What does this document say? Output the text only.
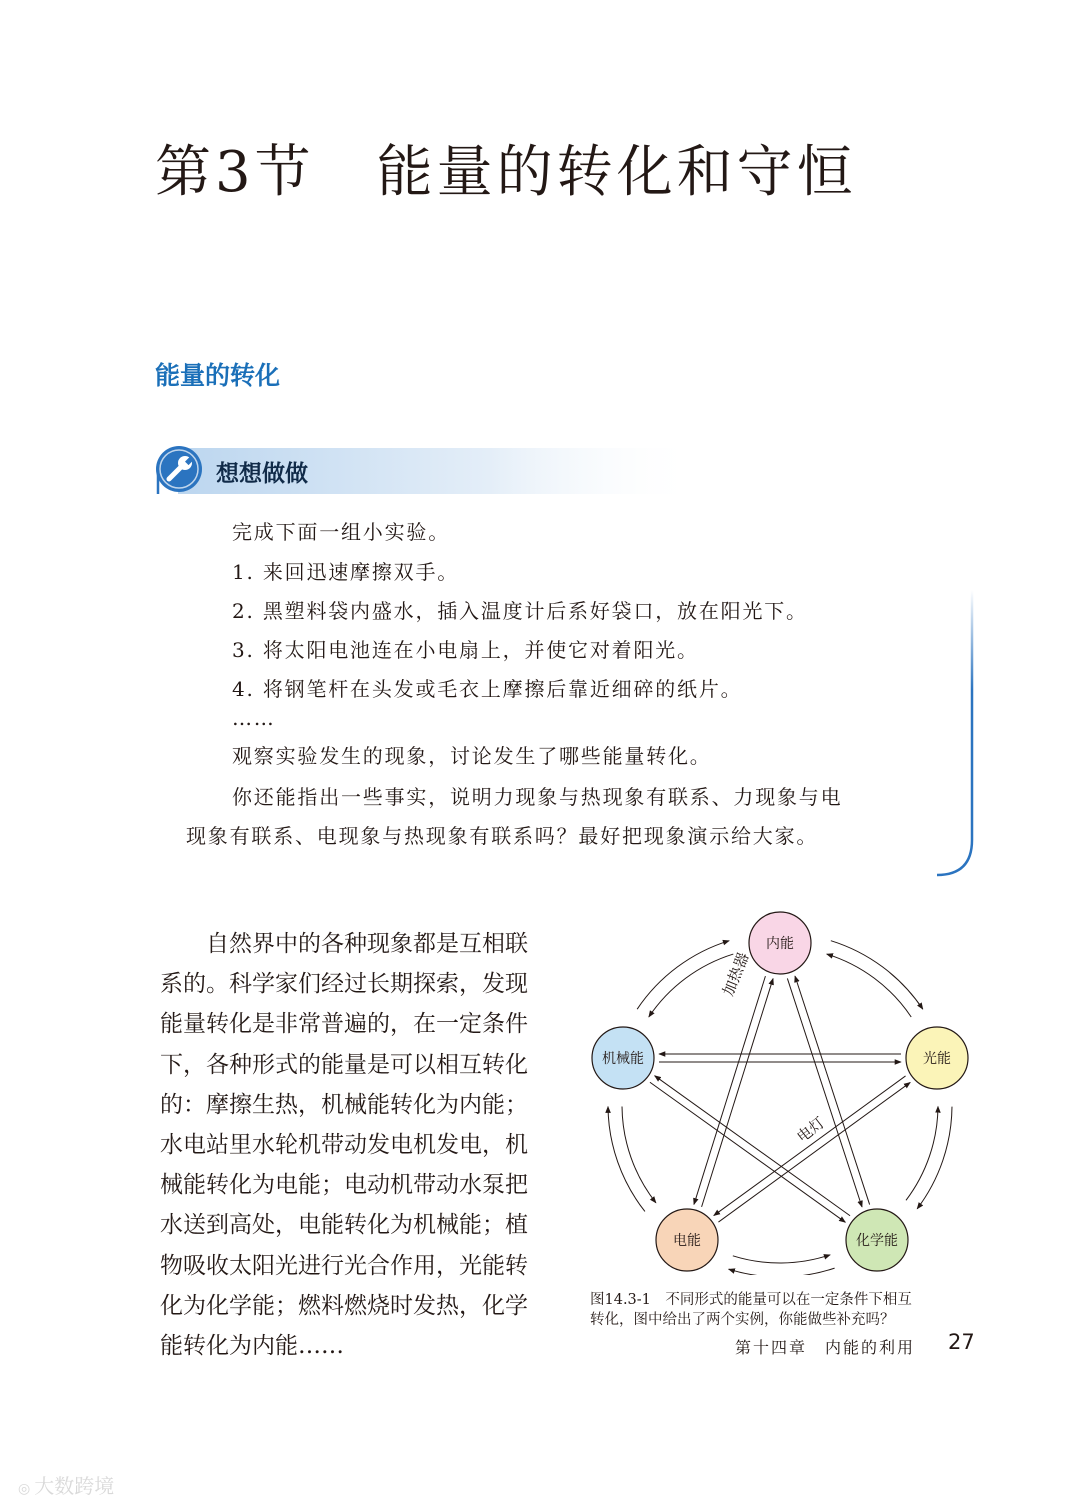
第3节 能量的转化和守恒
能量的转化
想想做做
完成下面一组小实验。
1. 来回迅速摩擦双手。
2. 黑塑料袋内盛水，插入温度计后系好袋口，放在阳光下。
3. 将太阳电池连在小电扇上，并使它对着阳光。
4. 将钢笔杆在头发或毛衣上摩擦后靠近细碎的纸片。
……
观察实验发生的现象，讨论发生了哪些能量转化。
你还能指出一些事实，说明力现象与热现象有联系、力现象与电
现象有联系、电现象与热现象有联系吗？最好把现象演示给大家。
自然界中的各种现象都是互相联
系的。科学家们经过长期探索，发现
能量转化是非常普遍的，在一定条件
下，各种形式的能量是可以相互转化
的：摩擦生热，机械能转化为内能；
水电站里水轮机带动发电机发电，机
械能转化为电能；电动机带动水泵把
水送到高处，电能转化为机械能；植
物吸收太阳光进行光合作用，光能转
化为化学能；燃料燃烧时发热，化学
能转化为内能……
内能
光能
化学能
电能
机械能
加热器
电灯
图14.3-1　不同形式的能量可以在一定条件下相互
转化，图中给出了两个实例，你能做些补充吗？
第十四章　内能的利用 27
◎ 大数跨境
